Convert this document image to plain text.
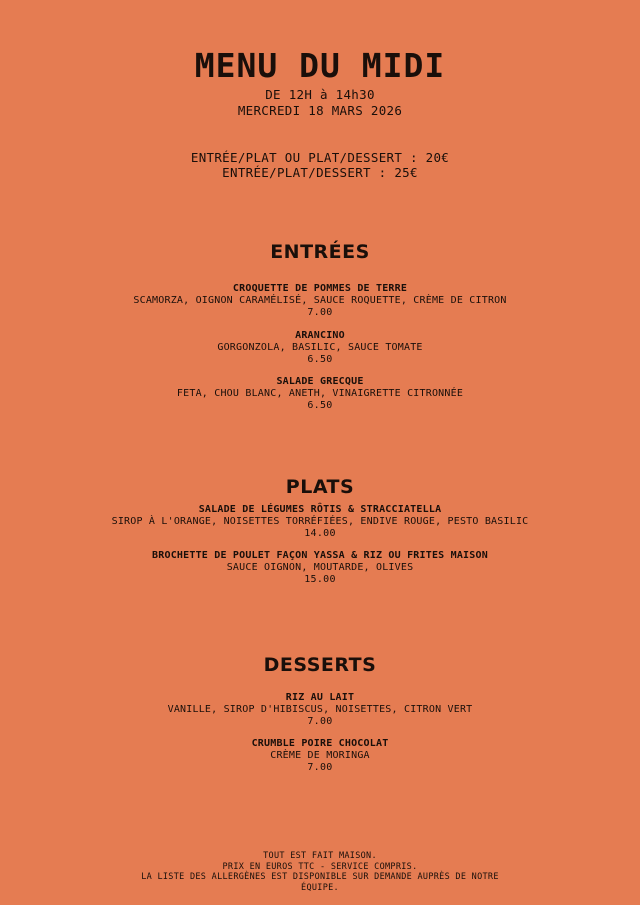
MENU DU MIDI
DE 12H à 14h30
MERCREDI 18 MARS 2026
ENTRÉE/PLAT OU PLAT/DESSERT : 20€
ENTRÉE/PLAT/DESSERT : 25€
ENTRÉES
CROQUETTE DE POMMES DE TERRE
SCAMORZA, OIGNON CARAMÉLISÉ, SAUCE ROQUETTE, CRÈME DE CITRON
7.00
ARANCINO
GORGONZOLA, BASILIC, SAUCE TOMATE
6.50
SALADE GRECQUE
FETA, CHOU BLANC, ANETH, VINAIGRETTE CITRONNÉE
6.50
PLATS
SALADE DE LÉGUMES RÔTIS & STRACCIATELLA
SIROP À L'ORANGE, NOISETTES TORRÉFIÉES, ENDIVE ROUGE, PESTO BASILIC
14.00
BROCHETTE DE POULET FAÇON YASSA & RIZ OU FRITES MAISON
SAUCE OIGNON, MOUTARDE, OLIVES
15.00
DESSERTS
RIZ AU LAIT
VANILLE, SIROP D'HIBISCUS, NOISETTES, CITRON VERT
7.00
CRUMBLE POIRE CHOCOLAT
CRÈME DE MORINGA
7.00
TOUT EST FAIT MAISON.
PRIX EN EUROS TTC - SERVICE COMPRIS.
LA LISTE DES ALLERGÈNES EST DISPONIBLE SUR DEMANDE AUPRÈS DE NOTRE ÉQUIPE.
